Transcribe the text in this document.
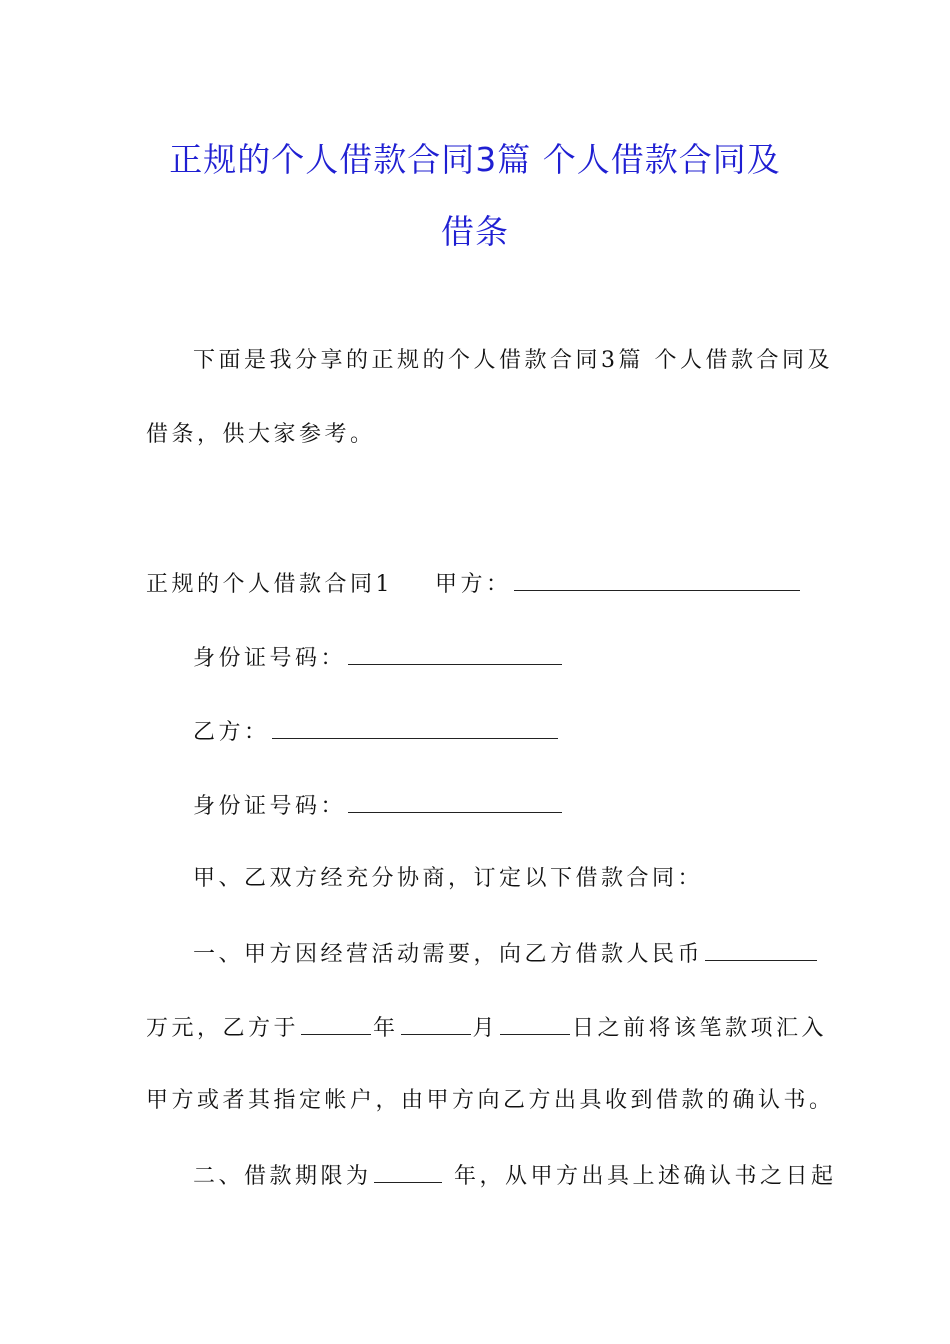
正规的个人借款合同3篇 个人借款合同及
借条
下面是我分享的正规的个人借款合同3篇 个人借款合同及
借条，供大家参考。
正规的个人借款合同1 甲方：
身份证号码：
乙方：
身份证号码：
甲、乙双方经充分协商，订定以下借款合同：
一、甲方因经营活动需要，向乙方借款人民币
万元，乙方于	年	月	日之前将该笔款项汇入
甲方或者其指定帐户，由甲方向乙方出具收到借款的确认书。
二、借款期限为	年，从甲方出具上述确认书之日起
